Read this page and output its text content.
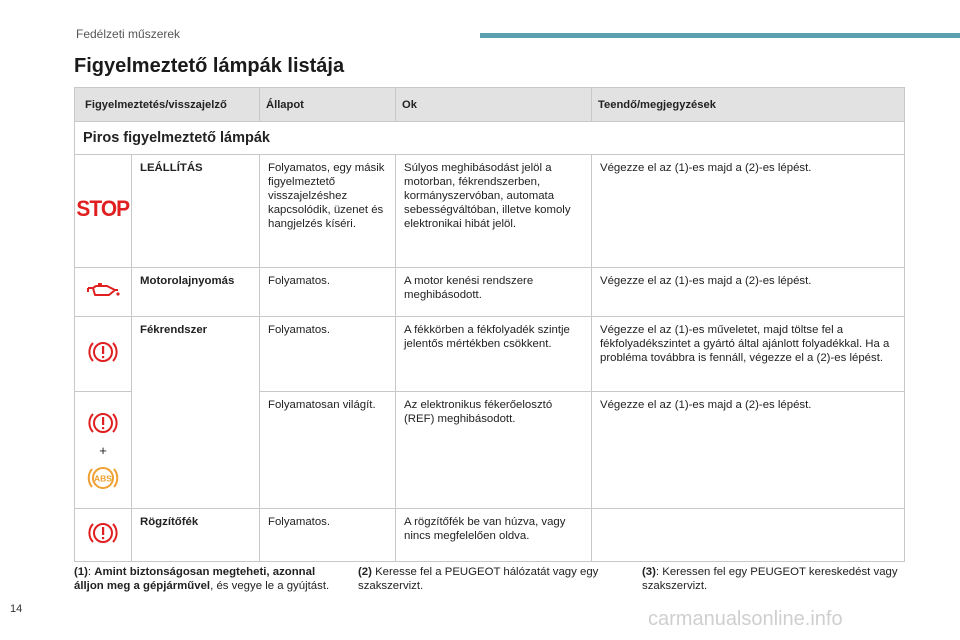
Fedélzeti műszerek
Figyelmeztető lámpák listája
Figyelmeztetés/visszajelző		Állapot	Ok	Teendő/megjegyzések
Piros figyelmeztető lámpák				
STOP	LEÁLLÍTÁS	Folyamatos, egy másik figyelmeztető visszajelzéshez kapcsolódik, üzenet és hangjelzés kíséri.	Súlyos meghibásodást jelöl a motorban, fékrendszerben, kormányszervóban, automata sebességváltóban, illetve komoly elektronikai hibát jelöl.	Végezze el az (1)-es majd a (2)-es lépést.
	Motorolajnyomás	Folyamatos.	A motor kenési rendszere meghibásodott.	Végezze el az (1)-es majd a (2)-es lépést.
	Fékrendszer	Folyamatos.	A fékkörben a fékfolyadék szintje jelentős mértékben csökkent.	Végezze el az (1)-es műveletet, majd töltse fel a fékfolyadékszintet a gyártó által ajánlott folyadékkal. Ha a probléma továbbra is fennáll, végezze el a (2)-es lépést.

+
ABS		Folyamatosan világít.	Az elektronikus fékerőelosztó (REF) meghibásodott.	Végezze el az (1)-es majd a (2)-es lépést.
	Rögzítőfék	Folyamatos.	A rögzítőfék be van húzva, vagy nincs megfelelően oldva.	
(1): Amint biztonságosan megteheti, azonnal álljon meg a gépjárművel, és vegye le a gyújtást.
(2) Keresse fel a PEUGEOT hálózatát vagy egy szakszervizt.
(3): Keressen fel egy PEUGEOT kereskedést vagy szakszervizt.
14	carmanualsonline.info
